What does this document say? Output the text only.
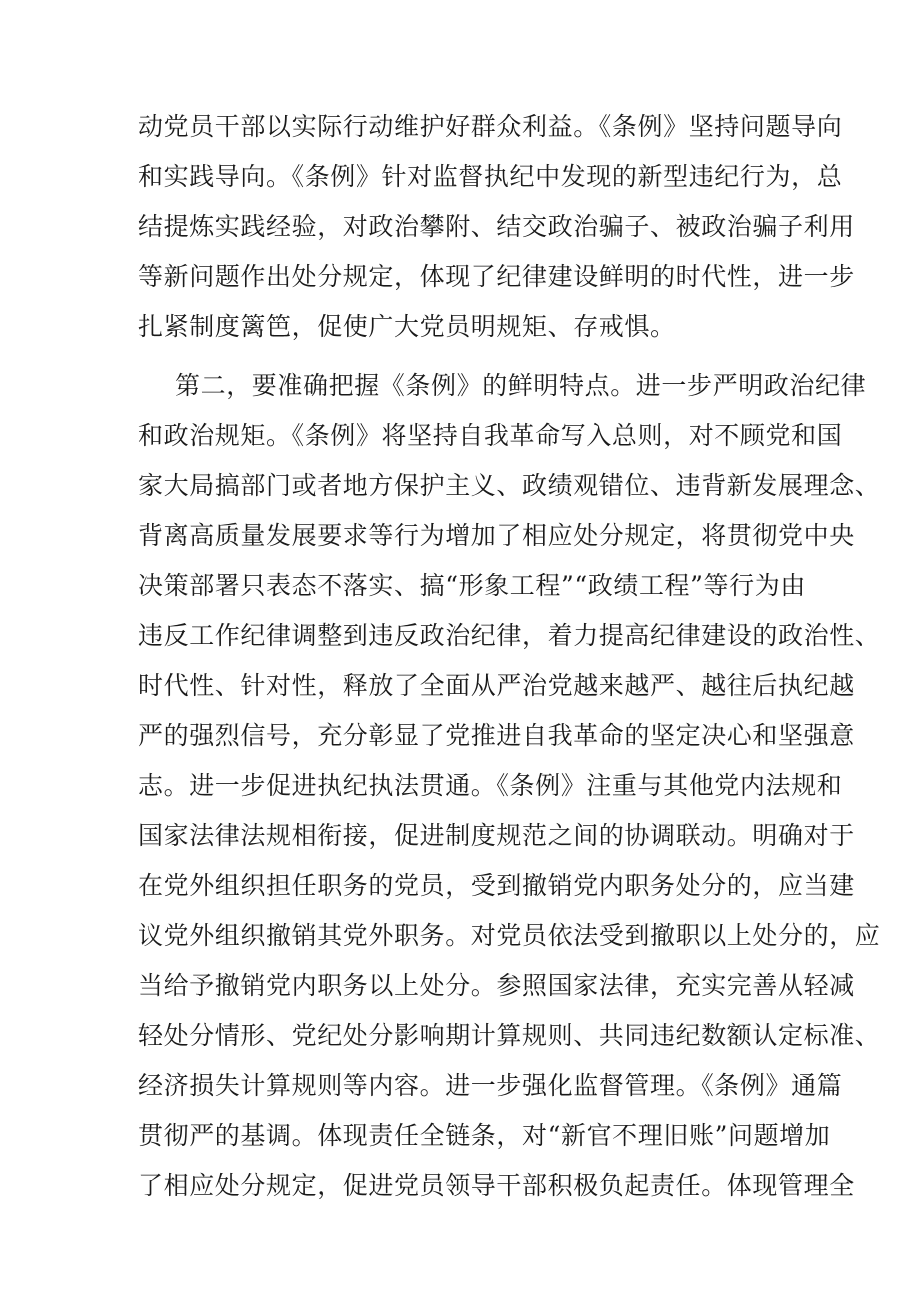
动党员干部以实际行动维护好群众利益。《条例》坚持问题导向
和实践导向。《条例》针对监督执纪中发现的新型违纪行为，总
结提炼实践经验，对政治攀附、结交政治骗子、被政治骗子利用
等新问题作出处分规定，体现了纪律建设鲜明的时代性，进一步
扎紧制度篱笆，促使广大党员明规矩、存戒惧。
第二，要准确把握《条例》的鲜明特点。进一步严明政治纪律
和政治规矩。《条例》将坚持自我革命写入总则，对不顾党和国
家大局搞部门或者地方保护主义、政绩观错位、违背新发展理念、
背离高质量发展要求等行为增加了相应处分规定，将贯彻党中央
决策部署只表态不落实、搞“形象工程”“政绩工程”等行为由
违反工作纪律调整到违反政治纪律，着力提高纪律建设的政治性、
时代性、针对性，释放了全面从严治党越来越严、越往后执纪越
严的强烈信号，充分彰显了党推进自我革命的坚定决心和坚强意
志。进一步促进执纪执法贯通。《条例》注重与其他党内法规和
国家法律法规相衔接，促进制度规范之间的协调联动。明确对于
在党外组织担任职务的党员，受到撤销党内职务处分的，应当建
议党外组织撤销其党外职务。对党员依法受到撤职以上处分的，应
当给予撤销党内职务以上处分。参照国家法律，充实完善从轻减
轻处分情形、党纪处分影响期计算规则、共同违纪数额认定标准、
经济损失计算规则等内容。进一步强化监督管理。《条例》通篇
贯彻严的基调。体现责任全链条，对“新官不理旧账”问题增加
了相应处分规定，促进党员领导干部积极负起责任。体现管理全
